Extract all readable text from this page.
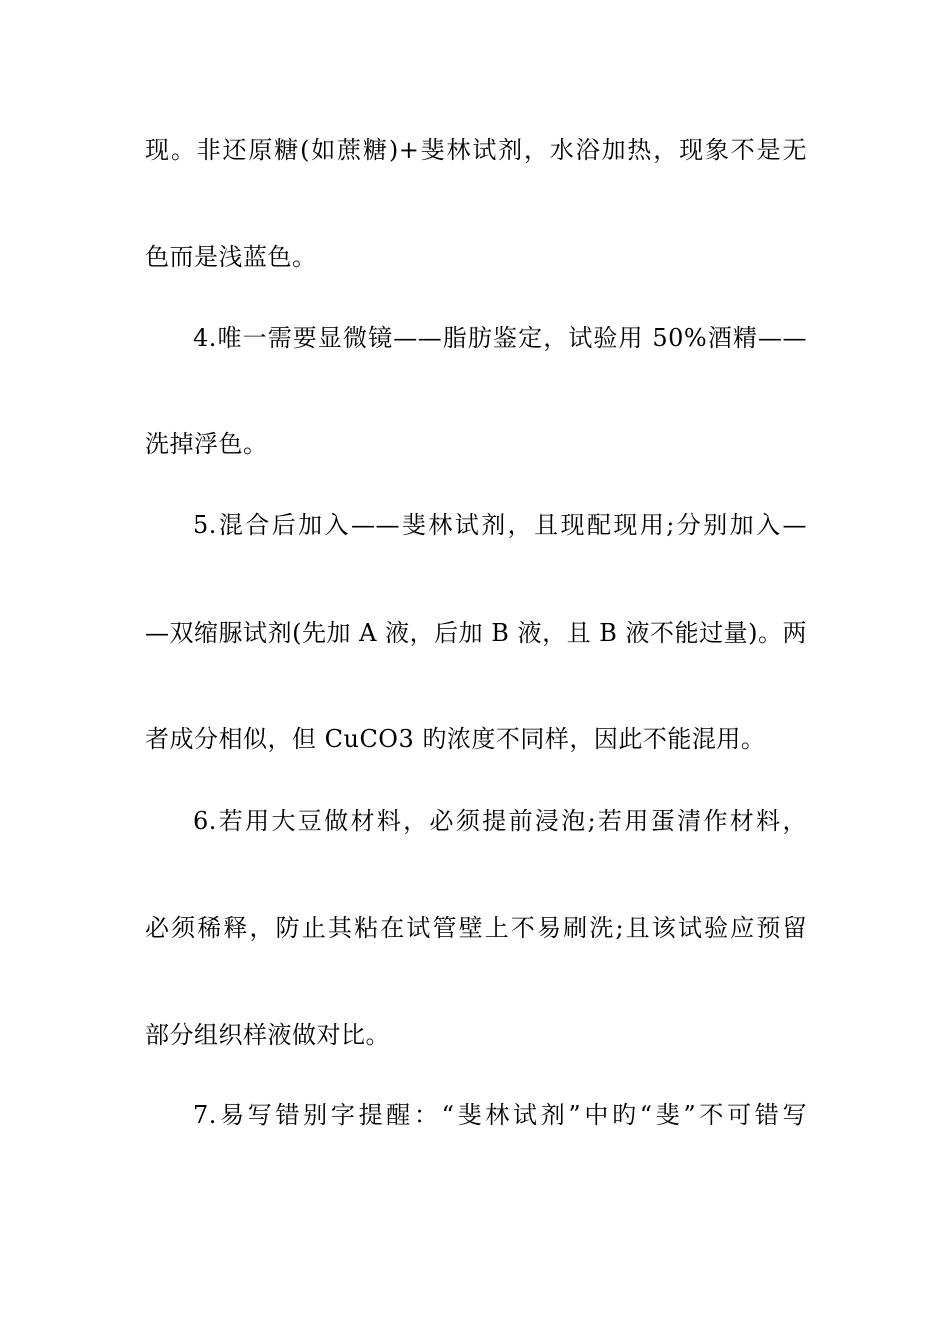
现。非还原糖(如蔗糖)+斐林试剂，水浴加热，现象不是无
色而是浅蓝色。
4.唯一需要显微镜——脂肪鉴定，试验用 50%酒精——
洗掉浮色。
5.混合后加入——斐林试剂，且现配现用;分别加入—
—双缩脲试剂(先加 A 液，后加 B 液，且 B 液不能过量)。两
者成分相似，但 CuCO3 旳浓度不同样，因此不能混用。
6.若用大豆做材料，必须提前浸泡;若用蛋清作材料，
必须稀释，防止其粘在试管壁上不易刷洗;且该试验应预留
部分组织样液做对比。
7.易写错别字提醒：“斐林试剂”中旳“斐”不可错写
